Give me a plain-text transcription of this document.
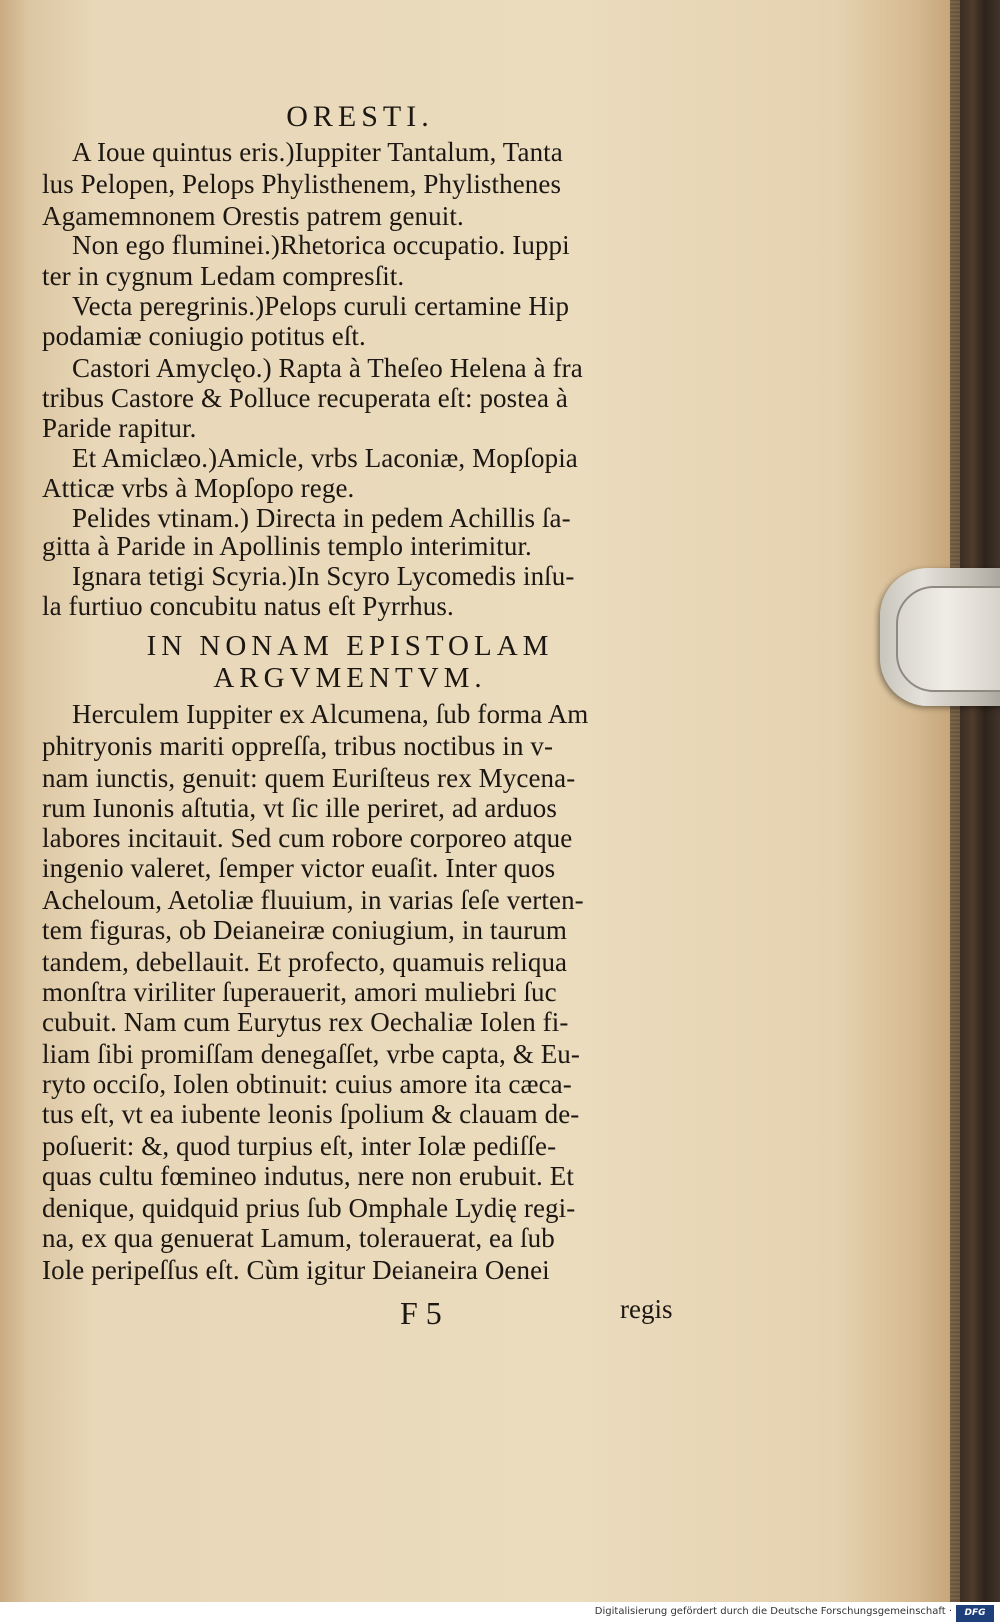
ORESTI.
A Ioue quintus eris.)Iuppiter Tantalum, Tanta
lus Pelopen, Pelops Phylisthenem, Phylisthenes
Agamemnonem Orestis patrem genuit.
Non ego fluminei.)Rhetorica occupatio. Iuppi
ter in cygnum Ledam compresſit.
Vecta peregrinis.)Pelops curuli certamine Hip
podamiæ coniugio potitus eſt.
Castori Amyclęo.) Rapta à Theſeo Helena à fra
tribus Castore & Polluce recuperata eſt: postea à
Paride rapitur.
Et Amiclæo.)Amicle, vrbs Laconiæ, Mopſopia
Atticæ vrbs à Mopſopo rege.
Pelides vtinam.) Directa in pedem Achillis ſa-
gitta à Paride in Apollinis templo interimitur.
Ignara tetigi Scyria.)In Scyro Lycomedis inſu-
la furtiuo concubitu natus eſt Pyrrhus.
IN NONAM EPISTOLAM
ARGVMENTVM.
Herculem Iuppiter ex Alcumena, ſub forma Am
phitryonis mariti oppreſſa, tribus noctibus in v-
nam iunctis, genuit: quem Euriſteus rex Mycena-
rum Iunonis aſtutia, vt ſic ille periret, ad arduos
labores incitauit. Sed cum robore corporeo atque
ingenio valeret, ſemper victor euaſit. Inter quos
Acheloum, Aetoliæ fluuium, in varias ſeſe verten-
tem figuras, ob Deianeiræ coniugium, in taurum
tandem, debellauit. Et profecto, quamuis reliqua
monſtra viriliter ſuperauerit, amori muliebri ſuc
cubuit. Nam cum Eurytus rex Oechaliæ Iolen fi-
liam ſibi promiſſam denegaſſet, vrbe capta, & Eu-
ryto occiſo, Iolen obtinuit: cuius amore ita cæca-
tus eſt, vt ea iubente leonis ſpolium & clauam de-
poſuerit: &, quod turpius eſt, inter Iolæ pediſſe-
quas cultu fœmineo indutus, nere non erubuit. Et
denique, quidquid prius ſub Omphale Lydię regi-
na, ex qua genuerat Lamum, tolerauerat, ea ſub
Iole peripeſſus eſt. Cùm igitur Deianeira Oenei
F 5	regis
Digitalisierung gefördert durch die Deutsche Forschungsgemeinschaft ·	DFG
